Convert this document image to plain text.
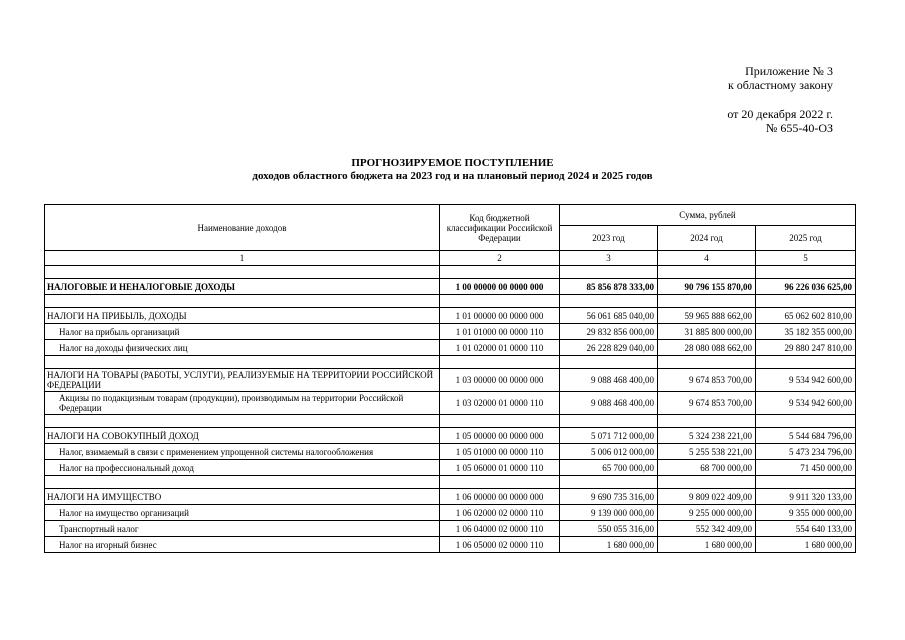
Приложение № 3
к областному закону
от 20 декабря 2022 г.
№ 655-40-ОЗ
ПРОГНОЗИРУЕМОЕ ПОСТУПЛЕНИЕ
доходов областного бюджета на 2023 год и на плановый период 2024 и 2025 годов
Наименование доходов	Код бюджетной классификации Российской Федерации	Сумма, рублей		
		2023 год	2024 год	2025 год
1	2	3	4	5

НАЛОГОВЫЕ И НЕНАЛОГОВЫЕ ДОХОДЫ	1 00 00000 00 0000 000	85 856 878 333,00	90 796 155 870,00	96 226 036 625,00

НАЛОГИ НА ПРИБЫЛЬ, ДОХОДЫ	1 01 00000 00 0000 000	56 061 685 040,00	59 965 888 662,00	65 062 602 810,00
Налог на прибыль организаций	1 01 01000 00 0000 110	29 832 856 000,00	31 885 800 000,00	35 182 355 000,00
Налог на доходы физических лиц	1 01 02000 01 0000 110	26 228 829 040,00	28 080 088 662,00	29 880 247 810,00

НАЛОГИ НА ТОВАРЫ (РАБОТЫ, УСЛУГИ), РЕАЛИЗУЕМЫЕ НА ТЕРРИТОРИИ РОССИЙСКОЙ ФЕДЕРАЦИИ	1 03 00000 00 0000 000	9 088 468 400,00	9 674 853 700,00	9 534 942 600,00
Акцизы по подакцизным товарам (продукции), производимым на территории Российской Федерации	1 03 02000 01 0000 110	9 088 468 400,00	9 674 853 700,00	9 534 942 600,00

НАЛОГИ НА СОВОКУПНЫЙ ДОХОД	1 05 00000 00 0000 000	5 071 712 000,00	5 324 238 221,00	5 544 684 796,00
Налог, взимаемый в связи с применением упрощенной системы налогообложения	1 05 01000 00 0000 110	5 006 012 000,00	5 255 538 221,00	5 473 234 796,00
Налог на профессиональный доход	1 05 06000 01 0000 110	65 700 000,00	68 700 000,00	71 450 000,00

НАЛОГИ НА ИМУЩЕСТВО	1 06 00000 00 0000 000	9 690 735 316,00	9 809 022 409,00	9 911 320 133,00
Налог на имущество организаций	1 06 02000 02 0000 110	9 139 000 000,00	9 255 000 000,00	9 355 000 000,00
Транспортный налог	1 06 04000 02 0000 110	550 055 316,00	552 342 409,00	554 640 133,00
Налог на игорный бизнес	1 06 05000 02 0000 110	1 680 000,00	1 680 000,00	1 680 000,00
